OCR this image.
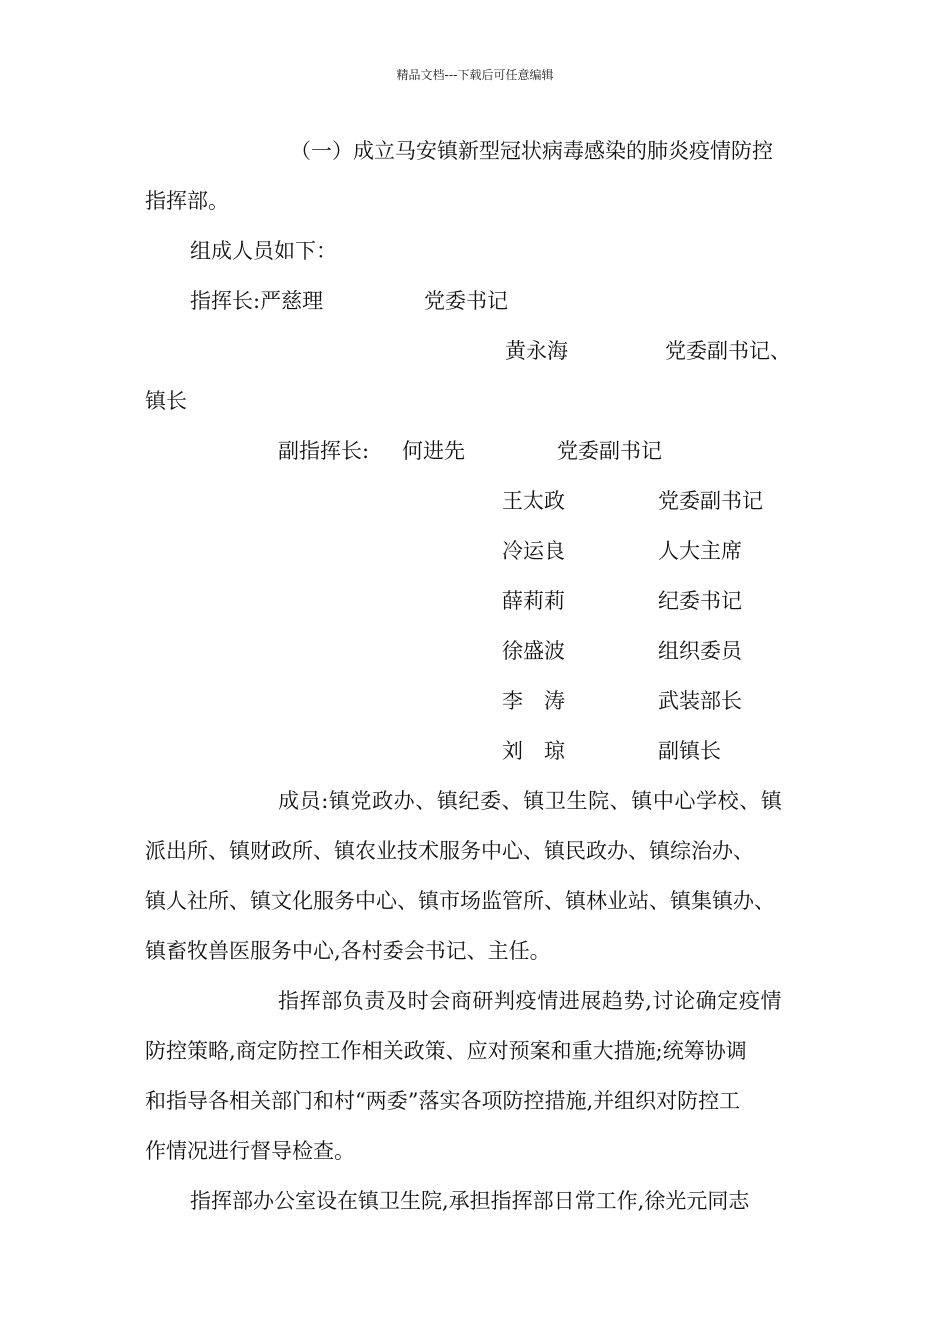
精品文档---下载后可任意编辑
（一）成立马安镇新型冠状病毒感染的肺炎疫情防控
指挥部。
组成人员如下：
指挥长:严慈理	党委书记
黄永海	党委副书记、
镇长
副指挥长: 何进先	党委副书记
王太政	党委副书记
冷运良	人大主席
薛莉莉	纪委书记
徐盛波	组织委员
李　涛	武装部长
刘　琼	副镇长
成员:镇党政办、镇纪委、镇卫生院、镇中心学校、镇
派出所、镇财政所、镇农业技术服务中心、镇民政办、镇综治办、
镇人社所、镇文化服务中心、镇市场监管所、镇林业站、镇集镇办、
镇畜牧兽医服务中心,各村委会书记、主任。
指挥部负责及时会商研判疫情进展趋势,讨论确定疫情
防控策略,商定防控工作相关政策、应对预案和重大措施;统筹协调
和指导各相关部门和村“两委”落实各项防控措施,并组织对防控工
作情况进行督导检查。
指挥部办公室设在镇卫生院,承担指挥部日常工作,徐光元同志
